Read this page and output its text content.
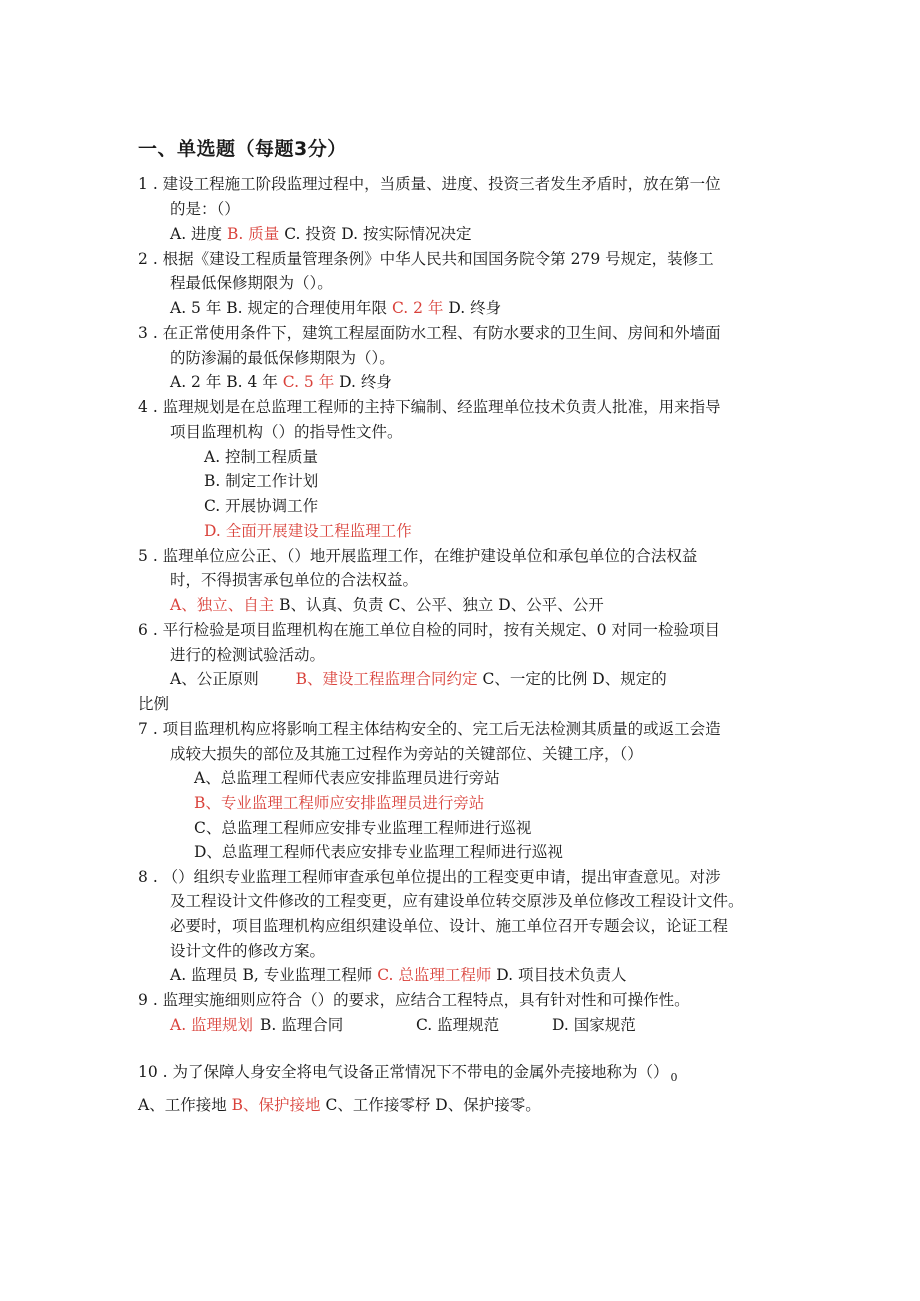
一、单选题（每题3分）
1 . 建设工程施工阶段监理过程中，当质量、进度、投资三者发生矛盾时，放在第一位
的是：（）
A. 进度 B. 质量 C. 投资 D. 按实际情况决定
2 . 根据《建设工程质量管理条例》中华人民共和国国务院令第 279 号规定，装修工
程最低保修期限为（）。
A. 5 年 B. 规定的合理使用年限 C. 2 年 D. 终身
3 . 在正常使用条件下，建筑工程屋面防水工程、有防水要求的卫生间、房间和外墙面
的防渗漏的最低保修期限为（）。
A. 2 年 B. 4 年 C. 5 年 D. 终身
4 . 监理规划是在总监理工程师的主持下编制、经监理单位技术负责人批准，用来指导
项目监理机构（）的指导性文件。
A. 控制工程质量
B. 制定工作计划
C. 开展协调工作
D. 全面开展建设工程监理工作
5 . 监理单位应公正、（）地开展监理工作，在维护建设单位和承包单位的合法权益
时，不得损害承包单位的合法权益。
A、独立、自主 B、认真、负责 C、公平、独立 D、公平、公开
6 . 平行检验是项目监理机构在施工单位自检的同时，按有关规定、0 对同一检验项目
进行的检测试验活动。
A、公正原则 B、建设工程监理合同约定 C、一定的比例 D、规定的
比例
7 . 项目监理机构应将影响工程主体结构安全的、完工后无法检测其质量的或返工会造
成较大损失的部位及其施工过程作为旁站的关键部位、关键工序，（）
A、总监理工程师代表应安排监理员进行旁站
B、专业监理工程师应安排监理员进行旁站
C、总监理工程师应安排专业监理工程师进行巡视
D、总监理工程师代表应安排专业监理工程师进行巡视
8 . （）组织专业监理工程师审查承包单位提出的工程变更申请，提出审查意见。对涉
及工程设计文件修改的工程变更，应有建设单位转交原涉及单位修改工程设计文件。
必要时，项目监理机构应组织建设单位、设计、施工单位召开专题会议，论证工程
设计文件的修改方案。
A. 监理员 B, 专业监理工程师 C. 总监理工程师 D. 项目技术负责人
9 . 监理实施细则应符合（）的要求，应结合工程特点，具有针对性和可操作性。
A. 监理规划 B. 监理合同	C. 监理规范	D. 国家规范
10 . 为了保障人身安全将电气设备正常情况下不带电的金属外壳接地称为（） $_0$
A、工作接地 B、保护接地 C、工作接零杼 D、保护接零。
